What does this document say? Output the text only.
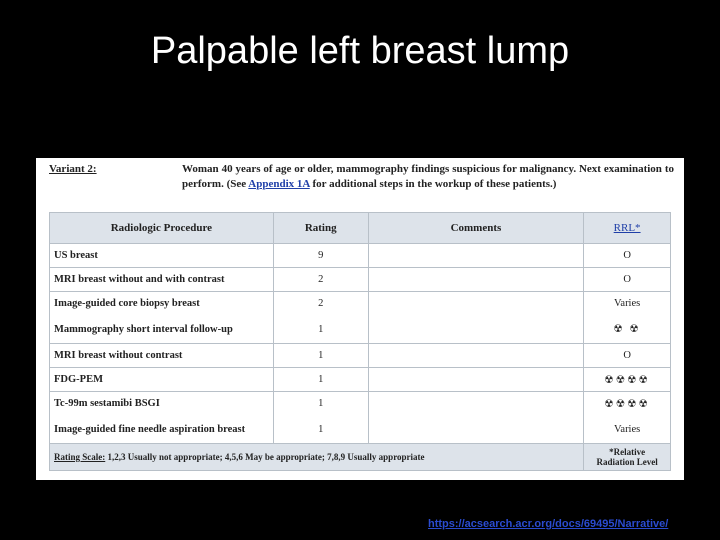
Palpable left breast lump
Variant 2:	Woman 40 years of age or older, mammography findings suspicious for malignancy. Next examination to perform. (See Appendix 1A for additional steps in the workup of these patients.)
Radiologic Procedure	Rating	Comments	RRL*
US breast	9		O
MRI breast without and with contrast	2		O
Image-guided core biopsy breast	2		Varies
Mammography short interval follow-up	1		☢ ☢
MRI breast without contrast	1		O
FDG-PEM	1		☢☢☢☢
Tc-99m sestamibi BSGI	1		☢☢☢☢
Image-guided fine needle aspiration breast	1		Varies
Rating Scale: 1,2,3 Usually not appropriate; 4,5,6 May be appropriate; 7,8,9 Usually appropriate			*Relative
Radiation Level
https://acsearch.acr.org/docs/69495/Narrative/
